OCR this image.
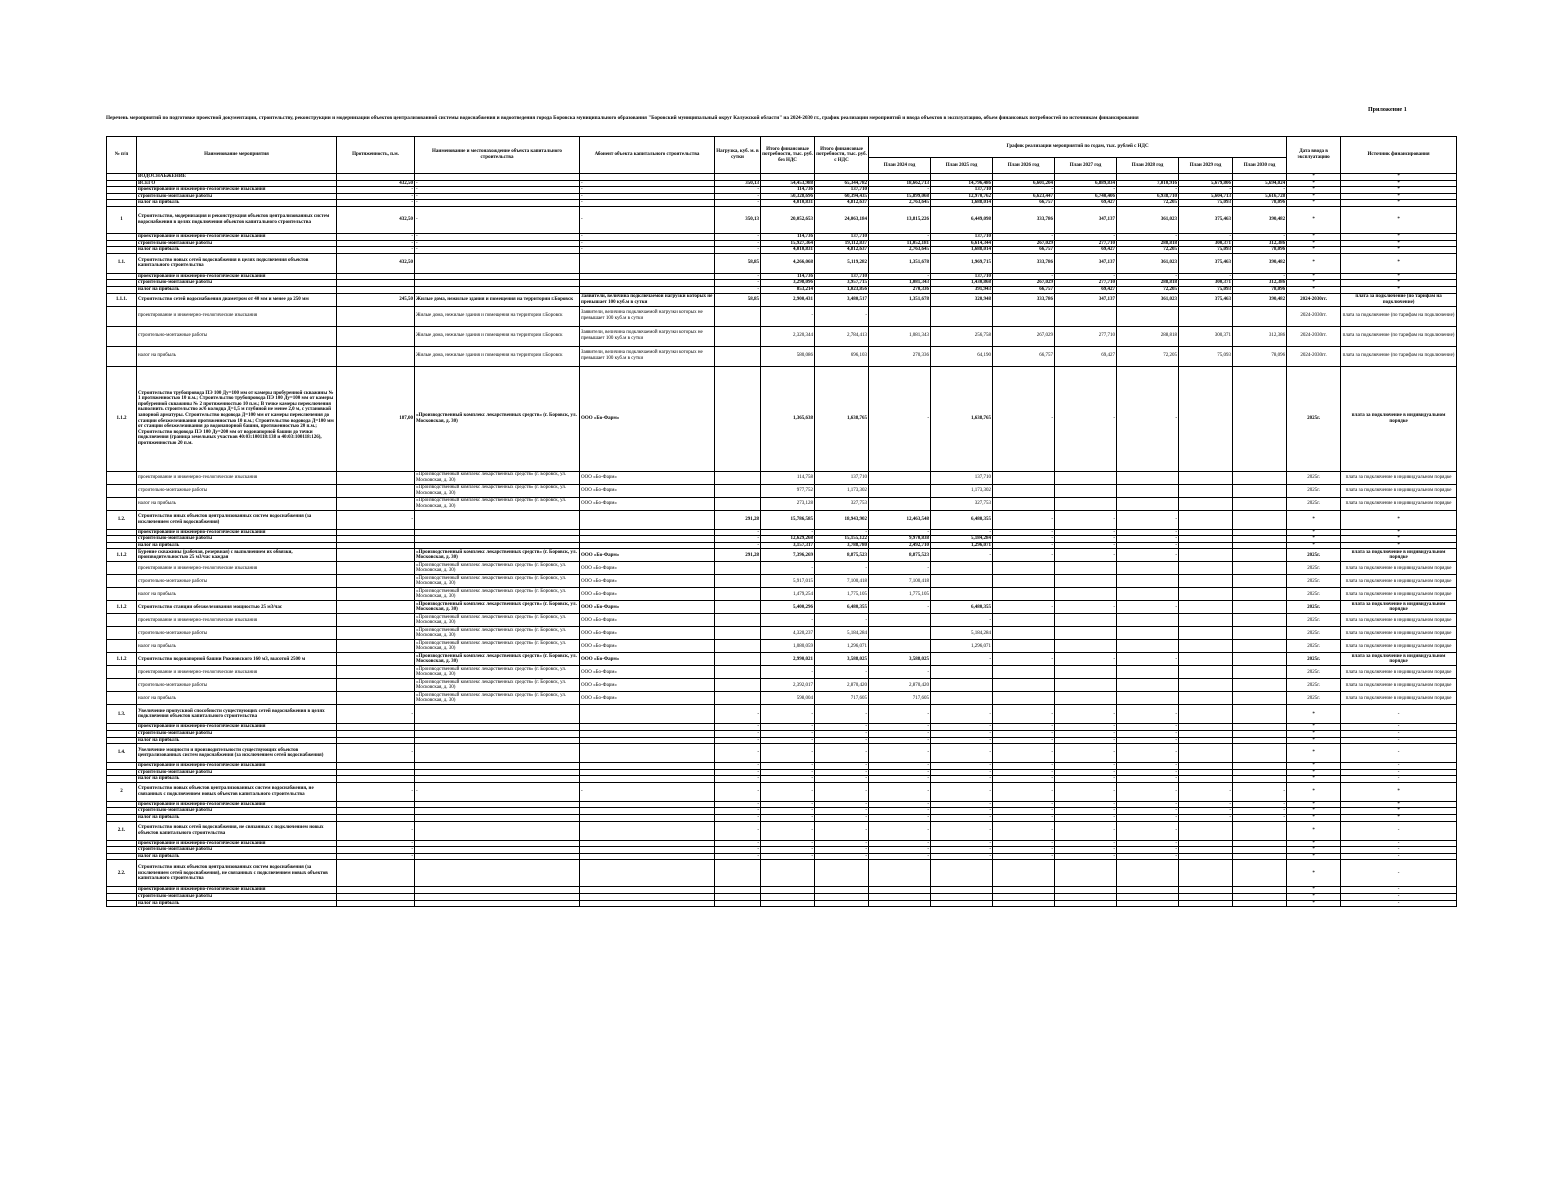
Приложение 1
Перечень мероприятий по подготовке проектной документации, строительству, реконструкции и модернизации объектов централизованной системы водоснабжения и водоотведения города Боровска муниципального образования "Боровский муниципальный округ Калужской области" на 2024-2030 гг., график реализации мероприятий и ввода объектов в эксплуатацию, объем финансовых потребностей по источникам финансирования
№ п/п	Наименование мероприятия	Протяженность, п.м.	Наименование и местонахождение объекта капитального строительства	Абонент объекта капитального строительства	Нагрузка, куб. м. в сутки	Итого финансовые потребности, тыс. руб. без НДС	Итого финансовые потребности, тыс. руб. с НДС	График реализации мероприятий по годам, тыс. рублей с НДС							Дата ввода в эксплуатацию	Источник финансирования
								План 2024 год	План 2025 год	План 2026 год	План 2027 год	План 2028 год	План 2029 год	План 2030 год		
	ВОДОСНАБЖЕНИЕ														*	*
	ВСЕГО	432,50	-	-	350,13	54,453,988	65,344,782	18,662,713	14,796,486	6,601,204	6,889,834	7,010,916	5,679,806	5,694,024	*	*
	проектирование и инженерно-геологические изыскания	-	-	-	-	114,736	137,710	-	137,710	-	-	-	-	-	*	*
	строительно-монтажные работы	-	-	-	-	50,328,696	60,394,435	15,899,068	12,970,762	6,623,447	6,740,406	6,938,710	5,604,713	5,616,728	*	*
	налог на прибыль	-	-	-	-	4,010,831	4,812,637	2,763,645	1,688,014	66,757	69,427	72,205	75,093	78,096	*	*
1	Строительство, модернизация и реконструкция объектов централизованных систем водоснабжения в целях подключения объектов капитального строительства	432,50	-	-	350,13	20,052,653	24,063,184	13,815,226	6,449,098	333,786	347,137	361,023	375,463	390,482	*	*
	проектирование и инженерно-геологические изыскания	-	-	-	-	114,736	137,710	-	137,710	-	-	-	-	-	*	*
	строительно-монтажные работы	-	-	-	-	15,927,364	19,112,837	11,052,181	6,614,344	267,029	277,710	288,818	300,371	312,386	*	*
	налог на прибыль	-	-	-	-	4,010,831	4,812,637	2,763,645	1,688,014	66,757	69,427	72,205	75,093	78,096	*	*
1.1.	Строительство новых сетей водоснабжения в целях подключения объектов капитального строительства	432,50			58,85	4,266,068	5,119,282	1,351,678	1,969,715	333,786	347,137	361,023	375,463	390,482	*	*
	проектирование и инженерно-геологические изыскания				-	114,736	137,710	-	137,710	-	-	-	-	-	*	*
	строительно-монтажные работы				-	3,298,096	3,957,715	1,081,343	1,430,868	267,029	277,710	288,818	300,371	312,386	*	*
	налог на прибыль				-	853,214	1,023,856	270,336	391,943	66,757	69,427	72,205	75,093	78,096	*	*
1.1.1.	Строительство сетей водоснабжения диаметром от 40 мм и менее до 250 мм	245,50	Жилые дома, нежилые здания и помещения на территории г.Боровск	Заявители, величина подключаемой нагрузки которых не превышает 100 куб.м в сутки	58,85	2,900,431	3,480,517	1,351,678	320,948	333,786	347,137	361,023	375,463	390,482	2024-2030гг.	плата за подключение (по тарифам на подключение)
	проектирование и инженерно-геологические изыскания		Жилые дома, нежилые здания и помещения на территории г.Боровск	Заявители, величина подключаемой нагрузки которых не превышает 100 куб.м в сутки		-	-								2024-2030гг.	плата за подключение (по тарифам на подключение)
	строительно-монтажные работы		Жилые дома, нежилые здания и помещения на территории г.Боровск	Заявители, величина подключаемой нагрузки которых не превышает 100 куб.м в сутки		2,320,344	2,784,413	1,081,343	256,758	267,029	277,710	288,818	300,371	312,386	2024-2030гг.	плата за подключение (по тарифам на подключение)
	налог на прибыль		Жилые дома, нежилые здания и помещения на территории г.Боровск	Заявители, величина подключаемой нагрузки которых не превышает 100 куб.м в сутки		580,086	696,103	270,336	64,190	66,757	69,427	72,205	75,093	78,096	2024-2030гг.	плата за подключение (по тарифам на подключение)
1.1.2	Строительство трубопровода ПЭ 100 Ду=100 мм от камеры пробуренной скважины № 1 протяженностью 10 п.м.; Строительство трубопровода ПЭ 100 Ду=100 мм от камеры пробуренной скважины № 2 протяженностью 10 п.м.; В точке камеры переключения выполнить строительство ж/б колодца Д=1,5 м глубиной не менее 2,0 м, с установкой запорной арматуры. Строительство водовода Д=100 мм от камеры переключения до станции обезжелезивания протяженностью 10 п.м.; Строительство водовода Д=100 мм от станции обезжелезивания до водонапорной башни, протяженностью 20 п.м.; Строительство водовода ПЭ 100 Ду=200 мм от водонапорной башни до точки подключения (граница земельных участков 40:03:100118:138 и 40:03:100118:126), протяженностью 20 п.м.	187,00	«Производственный комплекс лекарственных средств» (г. Боровск, ул. Московская, д. 30)	ООО «Бо-Фарм»		1,365,638	1,638,765	-	1,638,765	-	-	-			2025г.	плата за подключение в индивидуальном порядке
	проектирование и инженерно-геологические изыскания		«Производственный комплекс лекарственных средств» (г. Боровск, ул. Московская, д. 30)	ООО «Бо-Фарм»		114,758	137,710		137,710						2025г.	плата за подключение в индивидуальном порядке
	строительно-монтажные работы		«Производственный комплекс лекарственных средств» (г. Боровск, ул. Московская, д. 30)	ООО «Бо-Фарм»		977,752	1,173,302		1,173,302						2025г.	плата за подключение в индивидуальном порядке
	налог на прибыль		«Производственный комплекс лекарственных средств» (г. Боровск, ул. Московская, д. 30)	ООО «Бо-Фарм»		273,128	327,753		327,753						2025г.	плата за подключение в индивидуальном порядке
1.2.	Строительство иных объектов централизованных систем водоснабжения (за исключением сетей водоснабжения)	-			291,28	15,786,585	18,943,902	12,463,548	6,480,355	-	-	-			*	*
	проектирование и инженерно-геологические изыскания				-	-	-	-	-	-	-	-			*	*
	строительно-монтажные работы				-	12,629,268	15,155,122	9,970,838	5,184,284	-	-	-			*	*
	налог на прибыль				-	3,157,317	3,788,780	2,492,710	1,296,071	-	-	-			*	*
1.1.2	Бурение скважины (рабочая, резервная) с выполнением их обвязки, производительностью 25 м3/час каждая		«Производственный комплекс лекарственных средств» (г. Боровск, ул. Московская, д. 30)	ООО «Бо-Фарм»	291,28	7,396,269	8,875,523	8,875,523	-	-	-	-			2025г.	плата за подключение в индивидуальном порядке
	проектирование и инженерно-геологические изыскания		«Производственный комплекс лекарственных средств» (г. Боровск, ул. Московская, д. 30)	ООО «Бо-Фарм»		-	-	-							2025г.	плата за подключение в индивидуальном порядке
	строительно-монтажные работы		«Производственный комплекс лекарственных средств» (г. Боровск, ул. Московская, д. 30)	ООО «Бо-Фарм»		5,917,015	7,100,418	7,100,418							2025г.	плата за подключение в индивидуальном порядке
	налог на прибыль		«Производственный комплекс лекарственных средств» (г. Боровск, ул. Московская, д. 30)	ООО «Бо-Фарм»		1,479,254	1,775,105	1,775,105							2025г.	плата за подключение в индивидуальном порядке
1.1.2	Строительство станции обезжелезивания мощностью 25 м3/час		«Производственный комплекс лекарственных средств» (г. Боровск, ул. Московская, д. 30)	ООО «Бо-Фарм»		5,400,296	6,480,355	-	6,480,355	-	-	-			2025г.	плата за подключение в индивидуальном порядке
	проектирование и инженерно-геологические изыскания		«Производственный комплекс лекарственных средств» (г. Боровск, ул. Московская, д. 30)	ООО «Бо-Фарм»		-	-		-						2025г.	плата за подключение в индивидуальном порядке
	строительно-монтажные работы		«Производственный комплекс лекарственных средств» (г. Боровск, ул. Московская, д. 30)	ООО «Бо-Фарм»		4,320,237	5,184,284		5,184,284						2025г.	плата за подключение в индивидуальном порядке
	налог на прибыль		«Производственный комплекс лекарственных средств» (г. Боровск, ул. Московская, д. 30)	ООО «Бо-Фарм»		1,080,059	1,296,071		1,296,071						2025г.	плата за подключение в индивидуальном порядке
1.1.2	Строительство водонапорной башни Рожновского 160 м3, высотой 2500 м		«Производственный комплекс лекарственных средств» (г. Боровск, ул. Московская, д. 30)	ООО «Бо-Фарм»		2,990,021	3,588,025	3,588,025	-	-	-	-			2025г.	плата за подключение в индивидуальном порядке
	проектирование и инженерно-геологические изыскания		«Производственный комплекс лекарственных средств» (г. Боровск, ул. Московская, д. 30)	ООО «Бо-Фарм»		-	-	-							2025г.	плата за подключение в индивидуальном порядке
	строительно-монтажные работы		«Производственный комплекс лекарственных средств» (г. Боровск, ул. Московская, д. 30)	ООО «Бо-Фарм»		2,392,017	2,870,420	2,870,420							2025г.	плата за подключение в индивидуальном порядке
	налог на прибыль		«Производственный комплекс лекарственных средств» (г. Боровск, ул. Московская, д. 30)	ООО «Бо-Фарм»		598,004	717,605	717,605							2025г.	плата за подключение в индивидуальном порядке
1.3.	Увеличение пропускной способности существующих сетей водоснабжения в целях подключения объектов капитального строительства	-			-	-	-	-	-	-	-	-			*	-
	проектирование и инженерно-геологические изыскания				-	-	-	-	-	-	-	-			*	-
	строительно-монтажные работы				-	-	-	-	-	-	-	-			*	-
	налог на прибыль				-	-	-	-	-	-	-	-			*	-
1.4.	Увеличение мощности и производительности существующих объектов централизованных систем водоснабжения (за исключением сетей водоснабжения)	-			-	-	-	-	-	-	-	-			*	-
	проектирование и инженерно-геологические изыскания				-	-	-	-	-	-	-	-			*	-
	строительно-монтажные работы				-	-	-	-	-	-	-	-			*	-
	налог на прибыль				-	-	-	-	-	-	-	-			*	-
2	Строительство новых объектов централизованных систем водоснабжения, не связанных с подключением новых объектов капитального строительства	-	-	-	-	-	-	-	-	-	-	-	-	-	*	*
	проектирование и инженерно-геологические изыскания				-	-	-	-	-	-	-	-	-	-	*	*
	строительно-монтажные работы				-	-	-	-	-	-	-	-	-	-	*	*
	налог на прибыль				-	-	-	-	-	-	-	-	-	-	*	*
2.1.	Строительство новых сетей водоснабжения, не связанных с подключением новых объектов капитального строительства	-			-	-	-	-	-	-	-	-			*	-
	проектирование и инженерно-геологические изыскания	-			-	-	-	-	-	-	-	-			*	-
	строительно-монтажные работы	-			-	-	-	-	-	-	-	-			*	-
	налог на прибыль	-			-	-	-	-	-	-	-	-			*	-
2.2.	Строительство иных объектов централизованных систем водоснабжения (за исключением сетей водоснабжения), не связанных с подключением новых объектов капитального строительства														*	-
	проектирование и инженерно-геологические изыскания														*	-
	строительно-монтажные работы														*	-
	налог на прибыль														*	-
